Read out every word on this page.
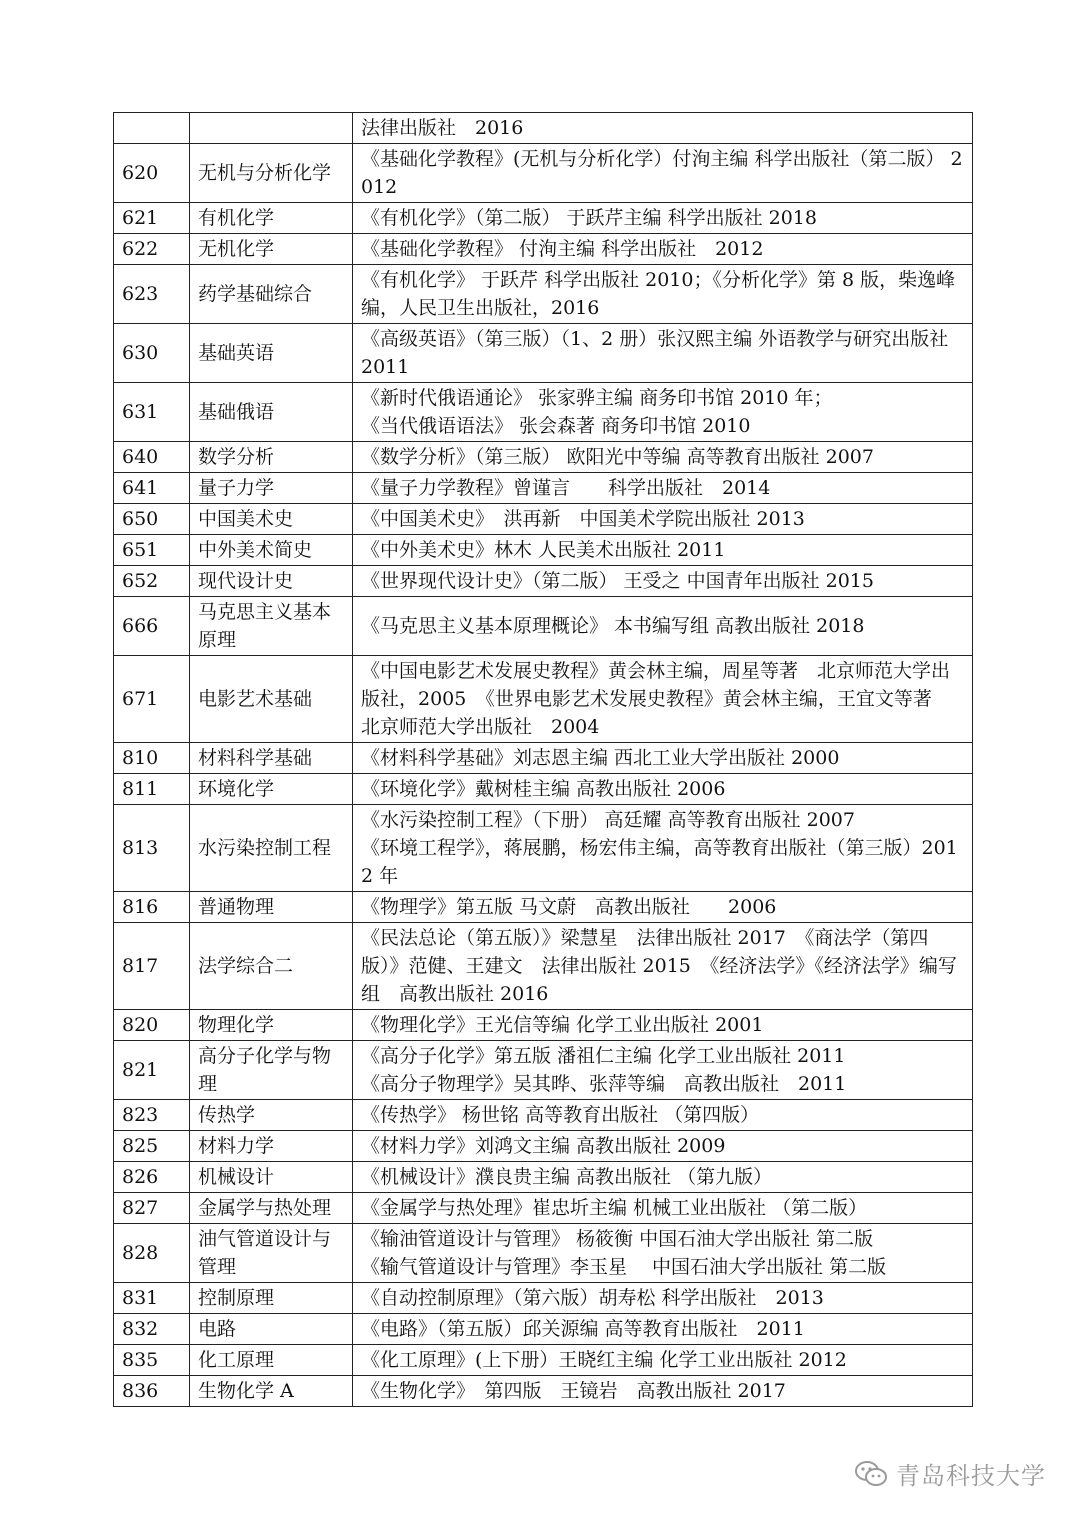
		法律出版社　2016

620	无机与分析化学	《基础化学教程》(无机与分析化学）付洵主编 科学出版社（第二版） 2012

621	有机化学	《有机化学》（第二版） 于跃芹主编 科学出版社 2018

622	无机化学	《基础化学教程》 付洵主编 科学出版社　2012

623	药学基础综合	《有机化学》 于跃芹 科学出版社 2010；《分析化学》第 8 版，柴逸峰编，人民卫生出版社，2016

630	基础英语	《高级英语》（第三版）（1、2 册）张汉熙主编 外语教学与研究出版社 2011

631	基础俄语	《新时代俄语通论》 张家骅主编 商务印书馆 2010 年；
《当代俄语语法》 张会森著 商务印书馆 2010

640	数学分析	《数学分析》（第三版） 欧阳光中等编 高等教育出版社 2007

641	量子力学	《量子力学教程》曾谨言　　科学出版社　2014

650	中国美术史	《中国美术史》　洪再新　中国美术学院出版社 2013

651	中外美术简史	《中外美术史》林木 人民美术出版社 2011

652	现代设计史	《世界现代设计史》（第二版） 王受之 中国青年出版社 2015

666	马克思主义基本原理	《马克思主义基本原理概论》 本书编写组 高教出版社 2018

671	电影艺术基础	《中国电影艺术发展史教程》黄会林主编，周星等著　北京师范大学出版社，2005　《世界电影艺术发展史教程》黄会林主编，王宜文等著　北京师范大学出版社　2004

810	材料科学基础	《材料科学基础》刘志恩主编 西北工业大学出版社 2000

811	环境化学	《环境化学》戴树桂主编 高教出版社 2006

813	水污染控制工程	《水污染控制工程》（下册） 高廷耀 高等教育出版社 2007
《环境工程学》，蒋展鹏，杨宏伟主编，高等教育出版社（第三版）2012 年

816	普通物理	《物理学》第五版 马文蔚　高教出版社　　2006

817	法学综合二	《民法总论（第五版）》梁慧星　法律出版社 2017　《商法学（第四版）》范健、王建文　法律出版社 2015　《经济法学》《经济法学》编写组　高教出版社 2016

820	物理化学	《物理化学》王光信等编 化学工业出版社 2001

821	高分子化学与物理	《高分子化学》第五版 潘祖仁主编 化学工业出版社 2011
《高分子物理学》吴其晔、张萍等编　高教出版社　2011

823	传热学	《传热学》 杨世铭 高等教育出版社 （第四版）

825	材料力学	《材料力学》刘鸿文主编 高教出版社 2009

826	机械设计	《机械设计》濮良贵主编 高教出版社 （第九版）

827	金属学与热处理	《金属学与热处理》崔忠圻主编 机械工业出版社 （第二版）

828	油气管道设计与管理	《输油管道设计与管理》 杨筱衡 中国石油大学出版社 第二版
《输气管道设计与管理》李玉星　 中国石油大学出版社 第二版

831	控制原理	《自动控制原理》（第六版）胡寿松 科学出版社　2013

832	电路	《电路》（第五版）邱关源编 高等教育出版社　2011

835	化工原理	《化工原理》(上下册）王晓红主编 化学工业出版社 2012

836	生物化学 A	《生物化学》　第四版　王镜岩　高教出版社 2017
青岛科技大学
